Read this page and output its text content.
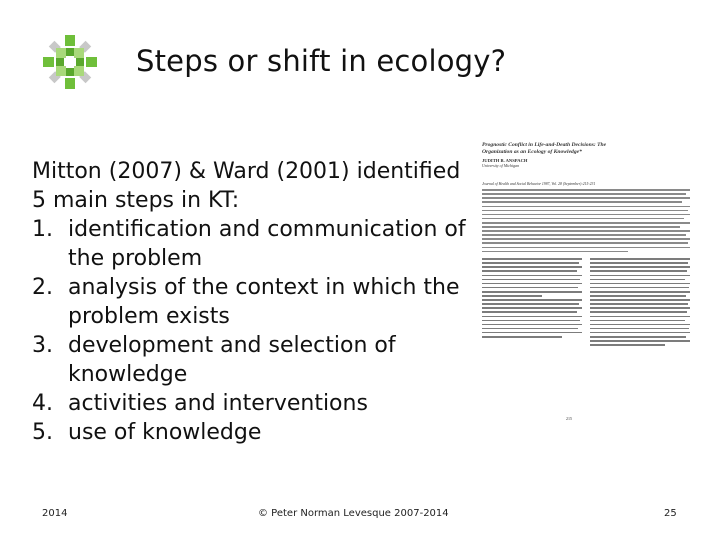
Steps or shift in ecology?

Mitton (2007) & Ward (2001) identified 5 main steps in KT:

1. identification and communication of the problem
2. analysis of the context in which the problem exists
3. development and selection of knowledge
4. activities and interventions
5. use of knowledge
Prognostic Conflict in Life-and-Death Decisions: The Organization as an Ecology of Knowledge*
JUDITH B. ANSPACH
University of Michigan
Journal of Health and Social Behavior 1987, Vol. 28 (September):215-231
215
2014	© Peter Norman Levesque 2007-2014	25
